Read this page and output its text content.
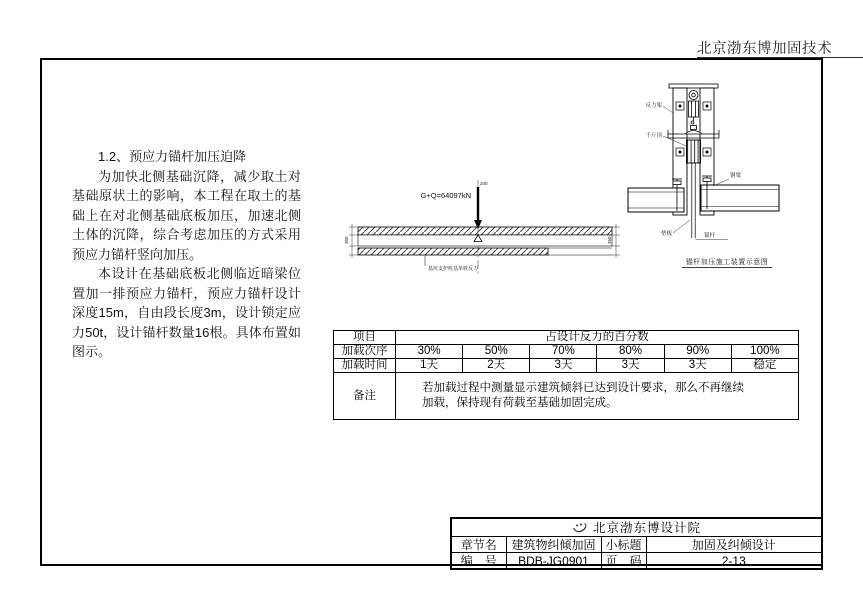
北京渤东博加固技术

1.2、预应力锚杆加压迫降

为加快北侧基础沉降，减少取土对基础原状土的影响，本工程在取土的基础上在对北侧基础底板加压，加速北侧土体的沉降，综合考虑加压的方式采用预应力锚杆竖向加压。

本设计在基础底板北侧临近暗梁位置加一排预应力锚杆，预应力锚杆设计深度15m，自由段长度3m，设计锁定应力50t，设计锚杆数量16根。具体布置如图示。

G+Q=64097kN
240
350	350
基坑支护桩基单桩反力
反力架
千斤顶
钢梁
垫板	锚杆
锚杆加压施工装置示意图
项目	占设计反力的百分数					
加载次序	30%	50%	70%	80%	90%	100%
加载时间	1天	2天	3天	3天	3天	稳定
备注	若加载过程中测量显示建筑倾斜已达到设计要求，那么不再继续
加载，保持现有荷载至基础加固完成。					
北京渤东博设计院			

章节名	建筑物纠倾加固	小标题	加固及纠倾设计
编　号	BDB-JG0901	页　码	2-13
